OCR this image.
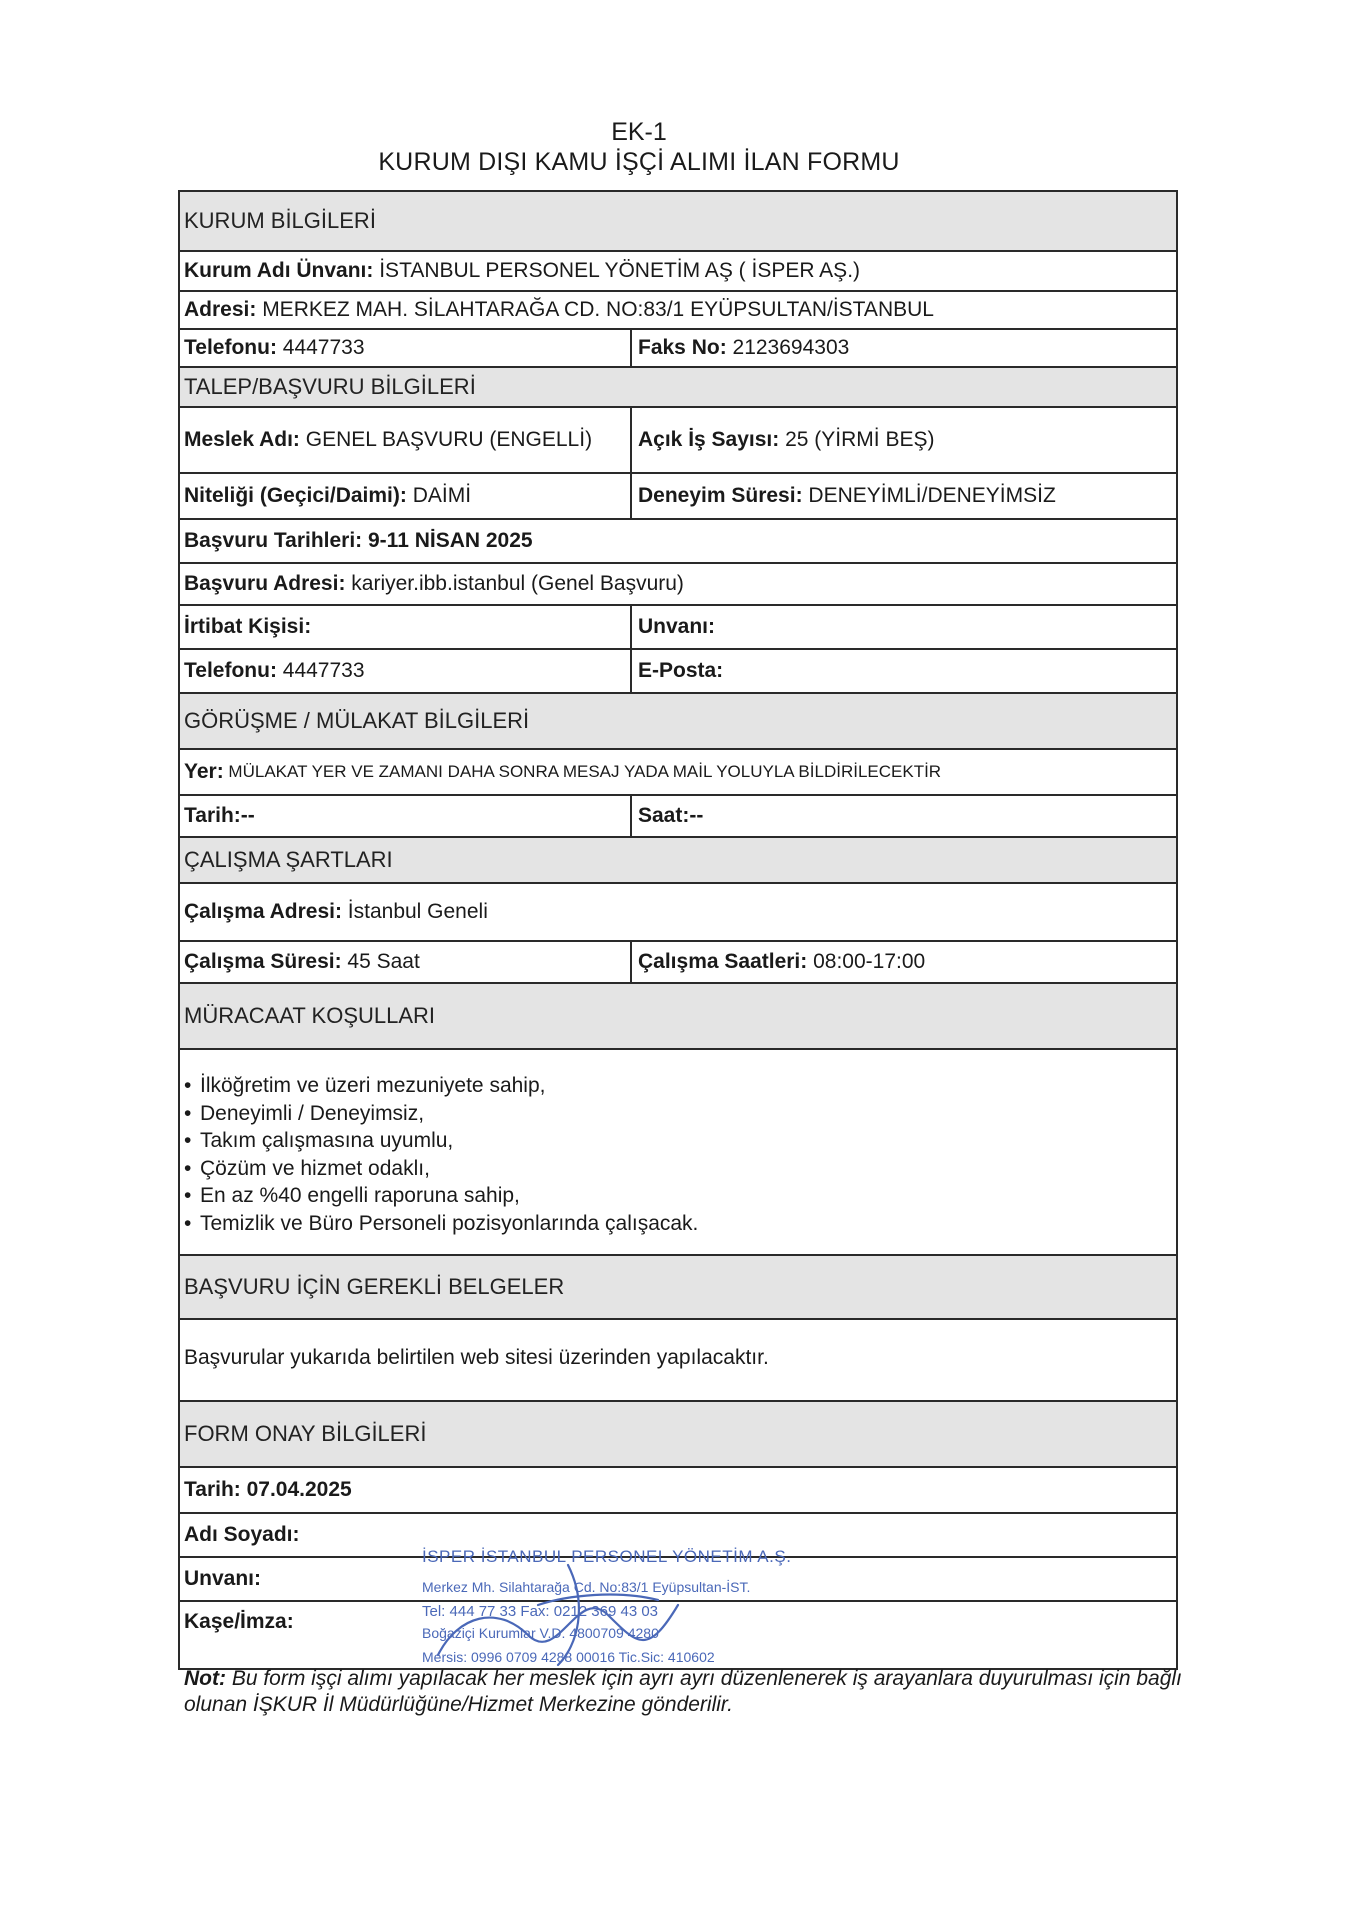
EK-1
KURUM DIŞI KAMU İŞÇİ ALIMI İLAN FORMU
KURUM BİLGİLERİ
Kurum Adı Ünvanı: İSTANBUL PERSONEL YÖNETİM AŞ ( İSPER AŞ.)
Adresi: MERKEZ MAH. SİLAHTARAĞA CD. NO:83/1 EYÜPSULTAN/İSTANBUL
Telefonu: 4447733	Faks No: 2123694303
TALEP/BAŞVURU BİLGİLERİ
Meslek Adı: GENEL BAŞVURU (ENGELLİ) Açık İş Sayısı: 25 (YİRMİ BEŞ)
Niteliği (Geçici/Daimi): DAİMİ	Deneyim Süresi: DENEYİMLİ/DENEYİMSİZ
Başvuru Tarihleri: 9-11 NİSAN 2025
Başvuru Adresi: kariyer.ibb.istanbul (Genel Başvuru)
İrtibat Kişisi:	Unvanı:
Telefonu: 4447733	E-Posta:
GÖRÜŞME / MÜLAKAT BİLGİLERİ
Yer: MÜLAKAT YER VE ZAMANI DAHA SONRA MESAJ YADA MAİL YOLUYLA BİLDİRİLECEKTİR
Tarih:--	Saat:--
ÇALIŞMA ŞARTLARI
Çalışma Adresi: İstanbul Geneli
Çalışma Süresi: 45 Saat	Çalışma Saatleri: 08:00-17:00
MÜRACAAT KOŞULLARI
• İlköğretim ve üzeri mezuniyete sahip,
• Deneyimli / Deneyimsiz,
• Takım çalışmasına uyumlu,
• Çözüm ve hizmet odaklı,
• En az %40 engelli raporuna sahip,
• Temizlik ve Büro Personeli pozisyonlarında çalışacak.
BAŞVURU İÇİN GEREKLİ BELGELER
Başvurular yukarıda belirtilen web sitesi üzerinden yapılacaktır.
FORM ONAY BİLGİLERİ
Tarih: 07.04.2025
Adı Soyadı:
Unvanı:
Kaşe/İmza:
İSPER İSTANBUL PERSONEL YÖNETİM A.Ş.
Merkez Mh. Silahtarağa Cd. No:83/1 Eyüpsultan-İST.
Tel: 444 77 33 Fax: 0212 369 43 03
Boğaziçi Kurumlar V.D. 4800709 4280
Mersis: 0996 0709 4288 00016 Tic.Sic: 410602
Not: Bu form işçi alımı yapılacak her meslek için ayrı ayrı düzenlenerek iş arayanlara duyurulması için bağlı olunan İŞKUR İl Müdürlüğüne/Hizmet Merkezine gönderilir.
